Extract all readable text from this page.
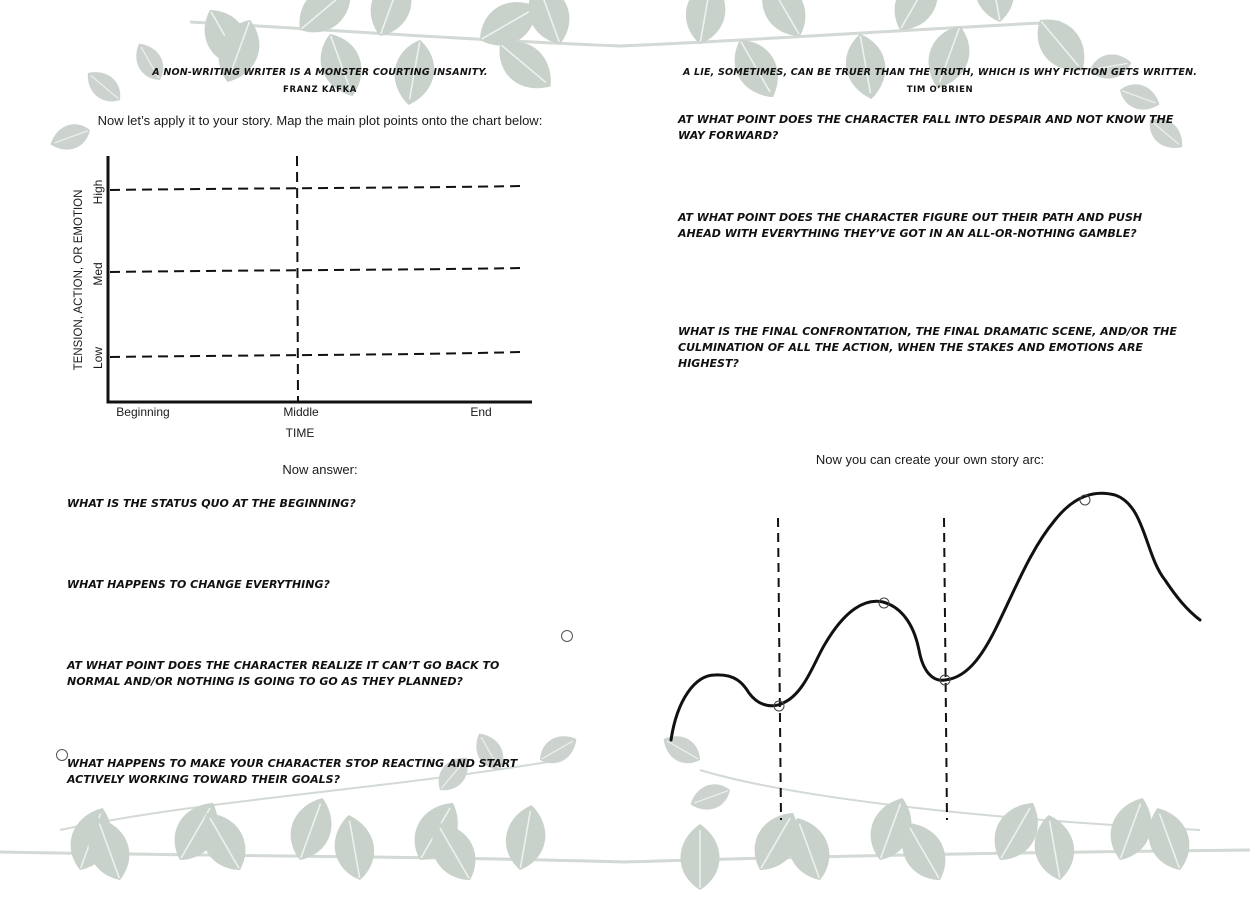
A NON-WRITING WRITER IS A MONSTER COURTING INSANITY.
FRANZ KAFKA
Now let’s apply it to your story. Map the main plot points onto the chart below:
High
Med
Low
TENSION, ACTION, OR EMOTION
Beginning	Middle	End
TIME
Now answer:
WHAT IS THE STATUS QUO AT THE BEGINNING?
WHAT HAPPENS TO CHANGE EVERYTHING?
AT WHAT POINT DOES THE CHARACTER REALIZE IT CAN’T GO BACK TO NORMAL AND/OR NOTHING IS GOING TO GO AS THEY PLANNED?
WHAT HAPPENS TO MAKE YOUR CHARACTER STOP REACTING AND START ACTIVELY WORKING TOWARD THEIR GOALS?
A LIE, SOMETIMES, CAN BE TRUER THAN THE TRUTH, WHICH IS WHY FICTION GETS WRITTEN.
TIM O’BRIEN
AT WHAT POINT DOES THE CHARACTER FALL INTO DESPAIR AND NOT KNOW THE WAY FORWARD?
AT WHAT POINT DOES THE CHARACTER FIGURE OUT THEIR PATH AND PUSH AHEAD WITH EVERYTHING THEY’VE GOT IN AN ALL-OR-NOTHING GAMBLE?
WHAT IS THE FINAL CONFRONTATION, THE FINAL DRAMATIC SCENE, AND/OR THE CULMINATION OF ALL THE ACTION, WHEN THE STAKES AND EMOTIONS ARE HIGHEST?
Now you can create your own story arc:
